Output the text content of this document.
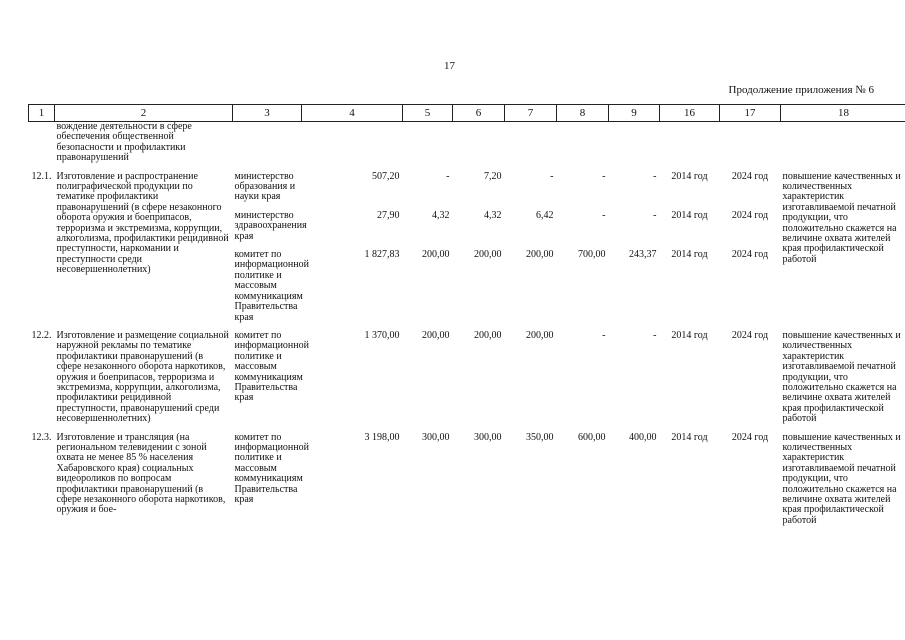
17
Продолжение приложения № 6
1	2	3	4	5	6	7	8	9	16	17	18
	вождение деятельности в сфере обеспечения общественной безопасности и профилактики правонарушений										
12.1.	Изготовление и распространение полиграфической продукции по тематике профилактики правонарушений (в сфере незаконного оборота оружия и боеприпасов, терроризма и экстремизма, коррупции, алкоголизма, профилактики рецидивной преступности, наркомании и преступности среди несовершеннолетних)	министерство образования и науки края	507,20	-	7,20	-	-	-	2014 год	2024 год	повышение качественных и количественных характеристик изготавливаемой печатной продукции, что положительно скажется на величине охвата жителей края профилактической работой
		министерство здравоохранения края	27,90	4,32	4,32	6,42	-	-	2014 год	2024 год	
		комитет по информационной политике и массовым коммуникациям Правительства края	1 827,83	200,00	200,00	200,00	700,00	243,37	2014 год	2024 год	
12.2.	Изготовление и размещение социальной наружной рекламы по тематике профилактики правонарушений (в сфере незаконного оборота наркотиков, оружия и боеприпасов, терроризма и экстремизма, коррупции, алкоголизма, профилактики рецидивной преступности, правонарушений среди несовершеннолетних)	комитет по информационной политике и массовым коммуникациям Правительства края	1 370,00	200,00	200,00	200,00	-	-	2014 год	2024 год	повышение качественных и количественных характеристик изготавливаемой печатной продукции, что положительно скажется на величине охвата жителей края профилактической работой
12.3.	Изготовление и трансляция (на региональном телевидении с зоной охвата не менее 85 % населения Хабаровского края) социальных видеороликов по вопросам профилактики правонарушений (в сфере незаконного оборота наркотиков, оружия и бое-	комитет по информационной политике и массовым коммуникациям Правительства края	3 198,00	300,00	300,00	350,00	600,00	400,00	2014 год	2024 год	повышение качественных и количественных характеристик изготавливаемой печатной продукции, что положительно скажется на величине охвата жителей края профилактической работой
